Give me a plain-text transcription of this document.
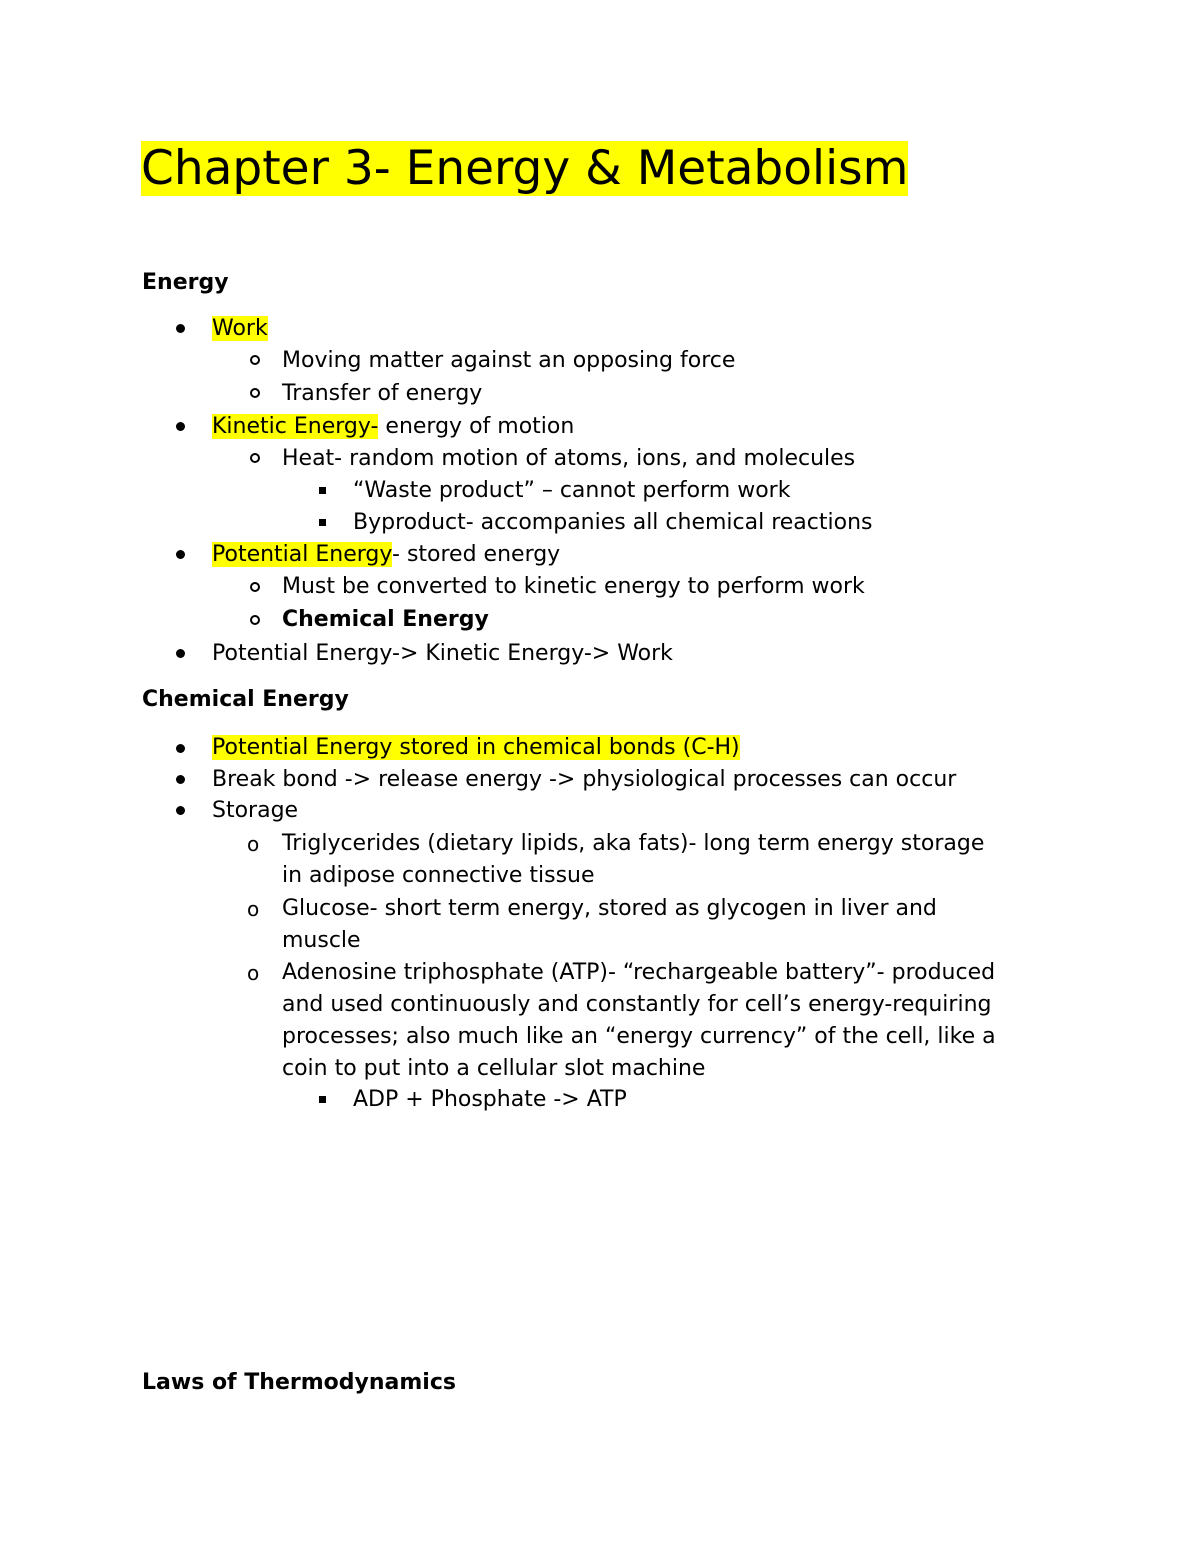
Chapter 3- Energy & Metabolism
Energy
Work
Moving matter against an opposing force
Transfer of energy
Kinetic Energy- energy of motion
Heat- random motion of atoms, ions, and molecules
“Waste product” – cannot perform work
Byproduct- accompanies all chemical reactions
Potential Energy- stored energy
Must be converted to kinetic energy to perform work
Chemical Energy
Potential Energy-> Kinetic Energy-> Work
Chemical Energy
Potential Energy stored in chemical bonds (C-H)
Break bond -> release energy -> physiological processes can occur
Storage
o Triglycerides (dietary lipids, aka fats)- long term energy storage
in adipose connective tissue
o Glucose- short term energy, stored as glycogen in liver and
muscle
o Adenosine triphosphate (ATP)- “rechargeable battery”- produced
and used continuously and constantly for cell’s energy-requiring
processes; also much like an “energy currency” of the cell, like a
coin to put into a cellular slot machine
ADP + Phosphate -> ATP
Laws of Thermodynamics
